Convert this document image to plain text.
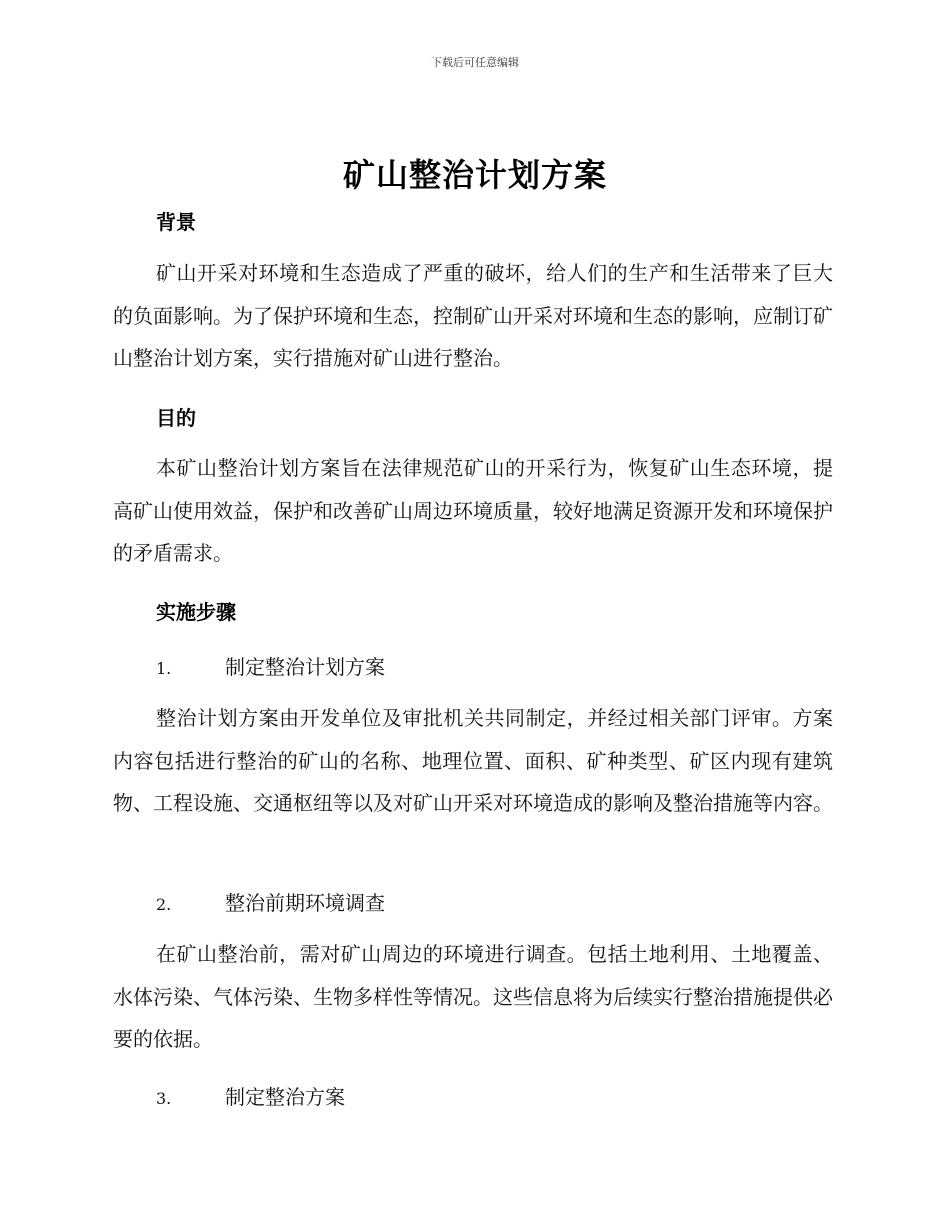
下载后可任意编辑
矿山整治计划方案
背景
矿山开采对环境和生态造成了严重的破坏，给人们的生产和生活带来了巨大的负面影响。为了保护环境和生态，控制矿山开采对环境和生态的影响，应制订矿山整治计划方案，实行措施对矿山进行整治。
目的
本矿山整治计划方案旨在法律规范矿山的开采行为，恢复矿山生态环境，提高矿山使用效益，保护和改善矿山周边环境质量，较好地满足资源开发和环境保护的矛盾需求。
实施步骤
1.	制定整治计划方案
整治计划方案由开发单位及审批机关共同制定，并经过相关部门评审。方案内容包括进行整治的矿山的名称、地理位置、面积、矿种类型、矿区内现有建筑物、工程设施、交通枢纽等以及对矿山开采对环境造成的影响及整治措施等内容。
2.	整治前期环境调查
在矿山整治前，需对矿山周边的环境进行调查。包括土地利用、土地覆盖、水体污染、气体污染、生物多样性等情况。这些信息将为后续实行整治措施提供必要的依据。
3.	制定整治方案
